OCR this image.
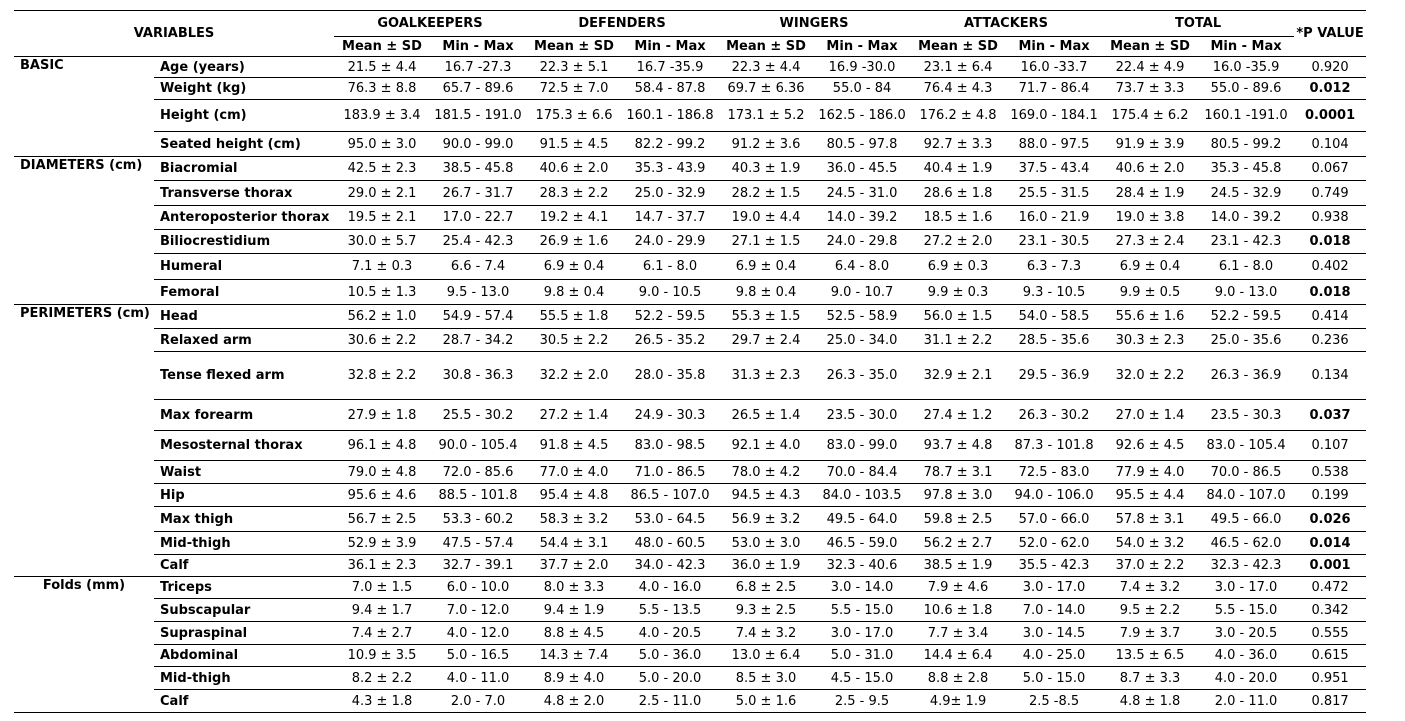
VARIABLES		GOALKEEPERS		DEFENDERS		WINGERS		ATTACKERS		TOTAL		*P VALUE
		Mean ± SD	Min - Max	Mean ± SD	Min - Max	Mean ± SD	Min - Max	Mean ± SD	Min - Max	Mean ± SD	Min - Max	
BASIC	Age (years)	21.5 ± 4.4	16.7 -27.3	22.3 ± 5.1	16.7 -35.9	22.3 ± 4.4	16.9 -30.0	23.1 ± 6.4	16.0 -33.7	22.4 ± 4.9	16.0 -35.9	0.920
	Weight (kg)	76.3 ± 8.8	65.7 - 89.6	72.5 ± 7.0	58.4 - 87.8	69.7 ± 6.36	55.0 - 84	76.4 ± 4.3	71.7 - 86.4	73.7 ± 3.3	55.0 - 89.6	0.012
	Height (cm)	183.9 ± 3.4	181.5 - 191.0	175.3 ± 6.6	160.1 - 186.8	173.1 ± 5.2	162.5 - 186.0	176.2 ± 4.8	169.0 - 184.1	175.4 ± 6.2	160.1 -191.0	0.0001
	Seated height (cm)	95.0 ± 3.0	90.0 - 99.0	91.5 ± 4.5	82.2 - 99.2	91.2 ± 3.6	80.5 - 97.8	92.7 ± 3.3	88.0 - 97.5	91.9 ± 3.9	80.5 - 99.2	0.104
DIAMETERS (cm)	Biacromial	42.5 ± 2.3	38.5 - 45.8	40.6 ± 2.0	35.3 - 43.9	40.3 ± 1.9	36.0 - 45.5	40.4 ± 1.9	37.5 - 43.4	40.6 ± 2.0	35.3 - 45.8	0.067
	Transverse thorax	29.0 ± 2.1	26.7 - 31.7	28.3 ± 2.2	25.0 - 32.9	28.2 ± 1.5	24.5 - 31.0	28.6 ± 1.8	25.5 - 31.5	28.4 ± 1.9	24.5 - 32.9	0.749
	Anteroposterior thorax	19.5 ± 2.1	17.0 - 22.7	19.2 ± 4.1	14.7 - 37.7	19.0 ± 4.4	14.0 - 39.2	18.5 ± 1.6	16.0 - 21.9	19.0 ± 3.8	14.0 - 39.2	0.938
	Biliocrestidium	30.0 ± 5.7	25.4 - 42.3	26.9 ± 1.6	24.0 - 29.9	27.1 ± 1.5	24.0 - 29.8	27.2 ± 2.0	23.1 - 30.5	27.3 ± 2.4	23.1 - 42.3	0.018
	Humeral	7.1 ± 0.3	6.6 - 7.4	6.9 ± 0.4	6.1 - 8.0	6.9 ± 0.4	6.4 - 8.0	6.9 ± 0.3	6.3 - 7.3	6.9 ± 0.4	6.1 - 8.0	0.402
	Femoral	10.5 ± 1.3	9.5 - 13.0	9.8 ± 0.4	9.0 - 10.5	9.8 ± 0.4	9.0 - 10.7	9.9 ± 0.3	9.3 - 10.5	9.9 ± 0.5	9.0 - 13.0	0.018
PERIMETERS (cm)	Head	56.2 ± 1.0	54.9 - 57.4	55.5 ± 1.8	52.2 - 59.5	55.3 ± 1.5	52.5 - 58.9	56.0 ± 1.5	54.0 - 58.5	55.6 ± 1.6	52.2 - 59.5	0.414
	Relaxed arm	30.6 ± 2.2	28.7 - 34.2	30.5 ± 2.2	26.5 - 35.2	29.7 ± 2.4	25.0 - 34.0	31.1 ± 2.2	28.5 - 35.6	30.3 ± 2.3	25.0 - 35.6	0.236
	Tense flexed arm	32.8 ± 2.2	30.8 - 36.3	32.2 ± 2.0	28.0 - 35.8	31.3 ± 2.3	26.3 - 35.0	32.9 ± 2.1	29.5 - 36.9	32.0 ± 2.2	26.3 - 36.9	0.134
	Max forearm	27.9 ± 1.8	25.5 - 30.2	27.2 ± 1.4	24.9 - 30.3	26.5 ± 1.4	23.5 - 30.0	27.4 ± 1.2	26.3 - 30.2	27.0 ± 1.4	23.5 - 30.3	0.037
	Mesosternal thorax	96.1 ± 4.8	90.0 - 105.4	91.8 ± 4.5	83.0 - 98.5	92.1 ± 4.0	83.0 - 99.0	93.7 ± 4.8	87.3 - 101.8	92.6 ± 4.5	83.0 - 105.4	0.107
	Waist	79.0 ± 4.8	72.0 - 85.6	77.0 ± 4.0	71.0 - 86.5	78.0 ± 4.2	70.0 - 84.4	78.7 ± 3.1	72.5 - 83.0	77.9 ± 4.0	70.0 - 86.5	0.538
	Hip	95.6 ± 4.6	88.5 - 101.8	95.4 ± 4.8	86.5 - 107.0	94.5 ± 4.3	84.0 - 103.5	97.8 ± 3.0	94.0 - 106.0	95.5 ± 4.4	84.0 - 107.0	0.199
	Max thigh	56.7 ± 2.5	53.3 - 60.2	58.3 ± 3.2	53.0 - 64.5	56.9 ± 3.2	49.5 - 64.0	59.8 ± 2.5	57.0 - 66.0	57.8 ± 3.1	49.5 - 66.0	0.026
	Mid-thigh	52.9 ± 3.9	47.5 - 57.4	54.4 ± 3.1	48.0 - 60.5	53.0 ± 3.0	46.5 - 59.0	56.2 ± 2.7	52.0 - 62.0	54.0 ± 3.2	46.5 - 62.0	0.014
	Calf	36.1 ± 2.3	32.7 - 39.1	37.7 ± 2.0	34.0 - 42.3	36.0 ± 1.9	32.3 - 40.6	38.5 ± 1.9	35.5 - 42.3	37.0 ± 2.2	32.3 - 42.3	0.001
Folds (mm)	Triceps	7.0 ± 1.5	6.0 - 10.0	8.0 ± 3.3	4.0 - 16.0	6.8 ± 2.5	3.0 - 14.0	7.9 ± 4.6	3.0 - 17.0	7.4 ± 3.2	3.0 - 17.0	0.472
	Subscapular	9.4 ± 1.7	7.0 - 12.0	9.4 ± 1.9	5.5 - 13.5	9.3 ± 2.5	5.5 - 15.0	10.6 ± 1.8	7.0 - 14.0	9.5 ± 2.2	5.5 - 15.0	0.342
	Supraspinal	7.4 ± 2.7	4.0 - 12.0	8.8 ± 4.5	4.0 - 20.5	7.4 ± 3.2	3.0 - 17.0	7.7 ± 3.4	3.0 - 14.5	7.9 ± 3.7	3.0 - 20.5	0.555
	Abdominal	10.9 ± 3.5	5.0 - 16.5	14.3 ± 7.4	5.0 - 36.0	13.0 ± 6.4	5.0 - 31.0	14.4 ± 6.4	4.0 - 25.0	13.5 ± 6.5	4.0 - 36.0	0.615
	Mid-thigh	8.2 ± 2.2	4.0 - 11.0	8.9 ± 4.0	5.0 - 20.0	8.5 ± 3.0	4.5 - 15.0	8.8 ± 2.8	5.0 - 15.0	8.7 ± 3.3	4.0 - 20.0	0.951
	Calf	4.3 ± 1.8	2.0 - 7.0	4.8 ± 2.0	2.5 - 11.0	5.0 ± 1.6	2.5 - 9.5	4.9± 1.9	2.5 -8.5	4.8 ± 1.8	2.0 - 11.0	0.817
